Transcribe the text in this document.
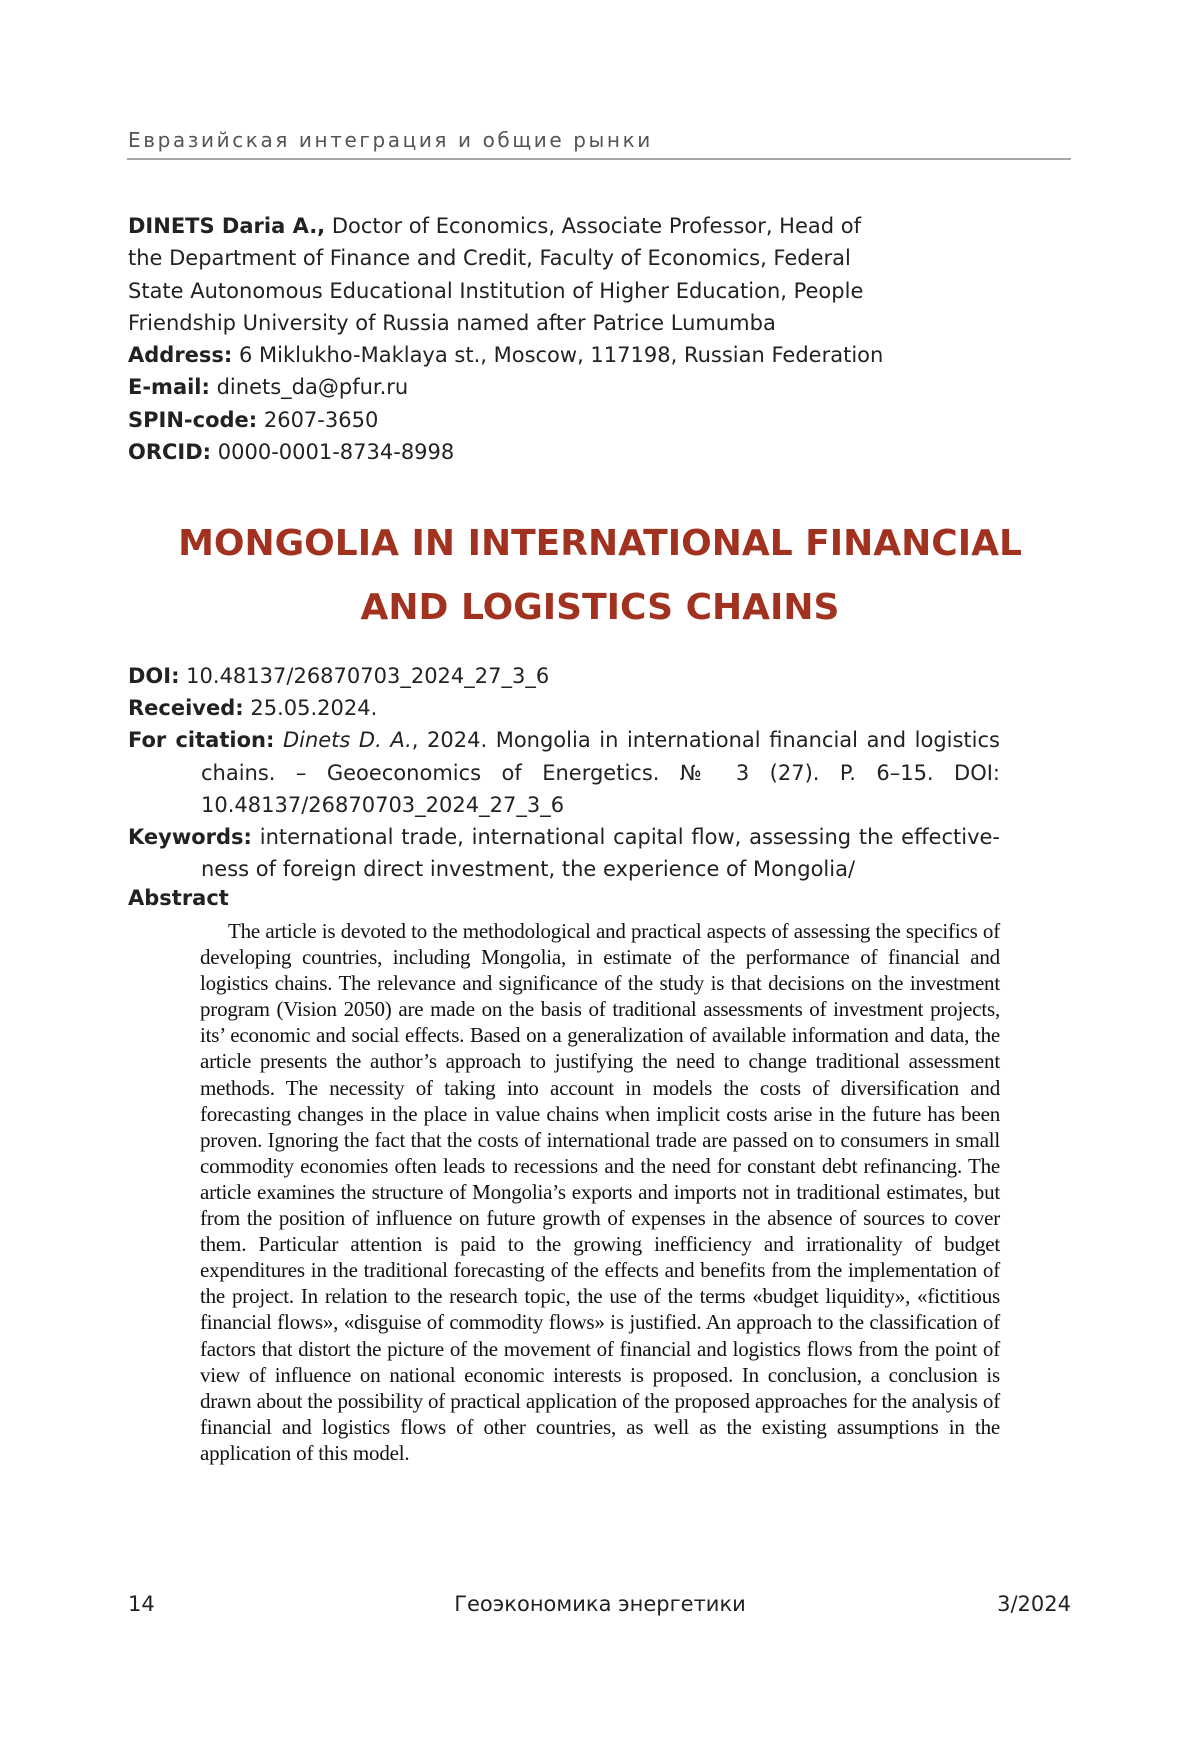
Евразийская интеграция и общие рынки
DINETS Daria A., Doctor of Economics, Associate Professor, Head of
the Department of Finance and Credit, Faculty of Economics, Federal
State Autonomous Educational Institution of Higher Education, People
Friendship University of Russia named after Patrice Lumumba
Address: 6 Miklukho-Maklaya st., Moscow, 117198, Russian Federation
E-mail: dinets_da@pfur.ru
SPIN-code: 2607-3650
ORCID: 0000-0001-8734-8998
MONGOLIA IN INTERNATIONAL FINANCIAL
AND LOGISTICS CHAINS

DOI: 10.48137/26870703_2024_27_3_6

Received: 25.05.2024.

For citation: Dinets D. A., 2024. Mongolia in international financial and logistics chains. – Geoeconomics of Energetics. № 3 (27). P. 6–15. DOI: 10.48137/26870703_2024_27_3_6

Keywords: international trade, international capital flow, assessing the effectiveness of foreign direct investment, the experience of Mongolia/

Abstract
The article is devoted to the methodological and practical aspects of assessing the specifics of developing countries, including Mongolia, in estimate of the performance of financial and logistics chains. The relevance and significance of the study is that decisions on the investment program (Vision 2050) are made on the basis of traditional assessments of investment projects, its’ economic and social effects. Based on a generalization of available information and data, the article presents the author’s approach to justifying the need to change traditional assessment methods. The necessity of taking into account in models the costs of diversification and forecasting changes in the place in value chains when implicit costs arise in the future has been proven. Ignoring the fact that the costs of international trade are passed on to consumers in small commodity economies often leads to recessions and the need for constant debt refinancing. The article examines the structure of Mongolia’s exports and imports not in traditional estimates, but from the position of influence on future growth of expenses in the absence of sources to cover them. Particular attention is paid to the growing inefficiency and irrationality of budget expenditures in the traditional forecasting of the effects and benefits from the implementation of the project. In relation to the research topic, the use of the terms «budget liquidity», «fictitious financial flows», «disguise of commodity flows» is justified. An approach to the classification of factors that distort the picture of the movement of financial and logistics flows from the point of view of influence on national economic interests is proposed. In conclusion, a conclusion is drawn about the possibility of practical application of the proposed approaches for the analysis of financial and logistics flows of other countries, as well as the existing assumptions in the application of this model.
14	Геоэкономика энергетики	3/2024
